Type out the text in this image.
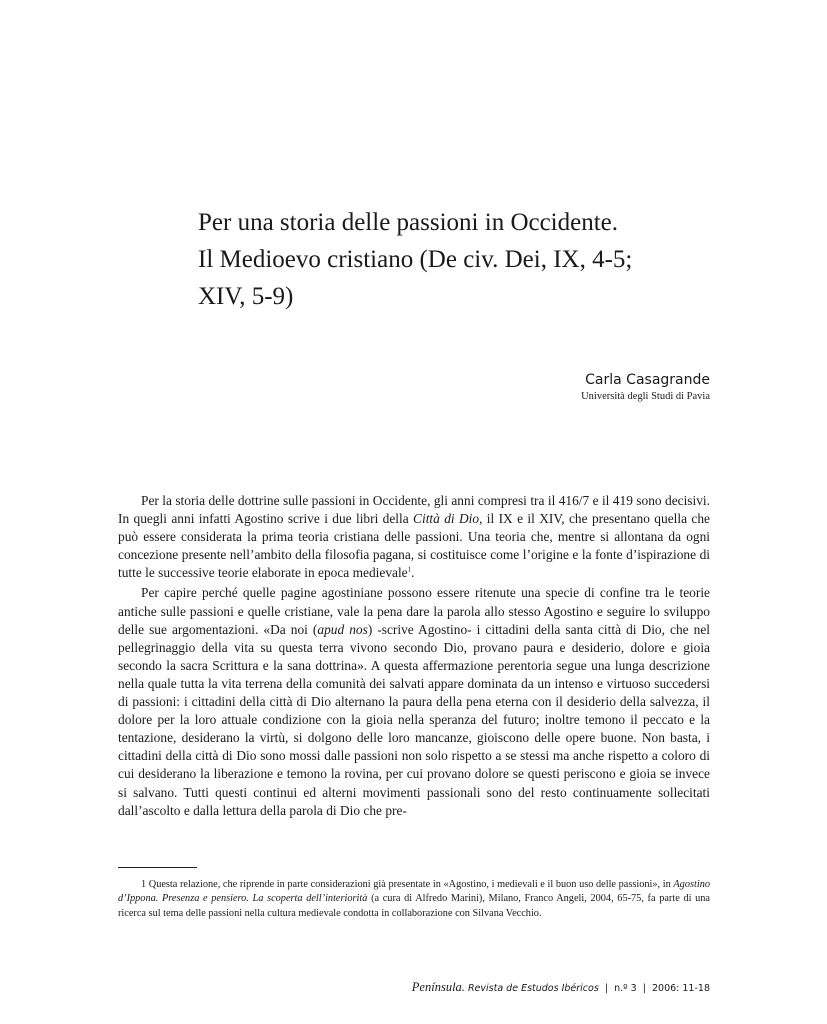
Per una storia delle passioni in Occidente.
Il Medioevo cristiano (De civ. Dei, IX, 4-5;
XIV, 5-9)
Carla Casagrande
Università degli Studi di Pavia

Per la storia delle dottrine sulle passioni in Occidente, gli anni compresi tra il 416/7 e il 419 sono decisivi. In quegli anni infatti Agostino scrive i due libri della Città di Dio, il IX e il XIV, che presentano quella che può essere considerata la prima teoria cristiana delle passioni. Una teoria che, mentre si allontana da ogni concezione presente nell’ambito della filosofia pagana, si costituisce come l’origine e la fonte d’ispirazione di tutte le successive teorie elaborate in epoca medievale$^1$.

Per capire perché quelle pagine agostiniane possono essere ritenute una specie di confine tra le teorie antiche sulle passioni e quelle cristiane, vale la pena dare la parola allo stesso Agostino e seguire lo sviluppo delle sue argomentazioni. «Da noi (apud nos) -scrive Agostino- i cittadini della santa città di Dio, che nel pellegrinaggio della vita su questa terra vivono secondo Dio, provano paura e desiderio, dolore e gioia secondo la sacra Scrittura e la sana dottrina». A questa affermazione perentoria segue una lunga descrizione nella quale tutta la vita terrena della comunità dei salvati appare dominata da un intenso e virtuoso succedersi di passioni: i cittadini della città di Dio alternano la paura della pena eterna con il desiderio della salvezza, il dolore per la loro attuale condizione con la gioia nella speranza del futuro; inoltre temono il peccato e la tentazione, desiderano la virtù, si dolgono delle loro mancanze, gioiscono delle opere buone. Non basta, i cittadini della città di Dio sono mossi dalle passioni non solo rispetto a se stessi ma anche rispetto a coloro di cui desiderano la liberazione e temono la rovina, per cui provano dolore se questi periscono e gioia se invece si salvano. Tutti questi continui ed alterni movimenti passionali sono del resto continuamente sollecitati dall’ascolto e dalla lettura della parola di Dio che pre-

1 Questa relazione, che riprende in parte considerazioni già presentate in «Agostino, i medievali e il buon uso delle passioni», in Agostino d’Ippona. Presenza e pensiero. La scoperta dell’interiorità (a cura di Alfredo Marini), Milano, Franco Angeli, 2004, 65-75, fa parte di una ricerca sul tema delle passioni nella cultura medievale condotta in collaborazione con Silvana Vecchio.

Península. Revista de Estudos Ibéricos | n.º 3 | 2006: 11-18
